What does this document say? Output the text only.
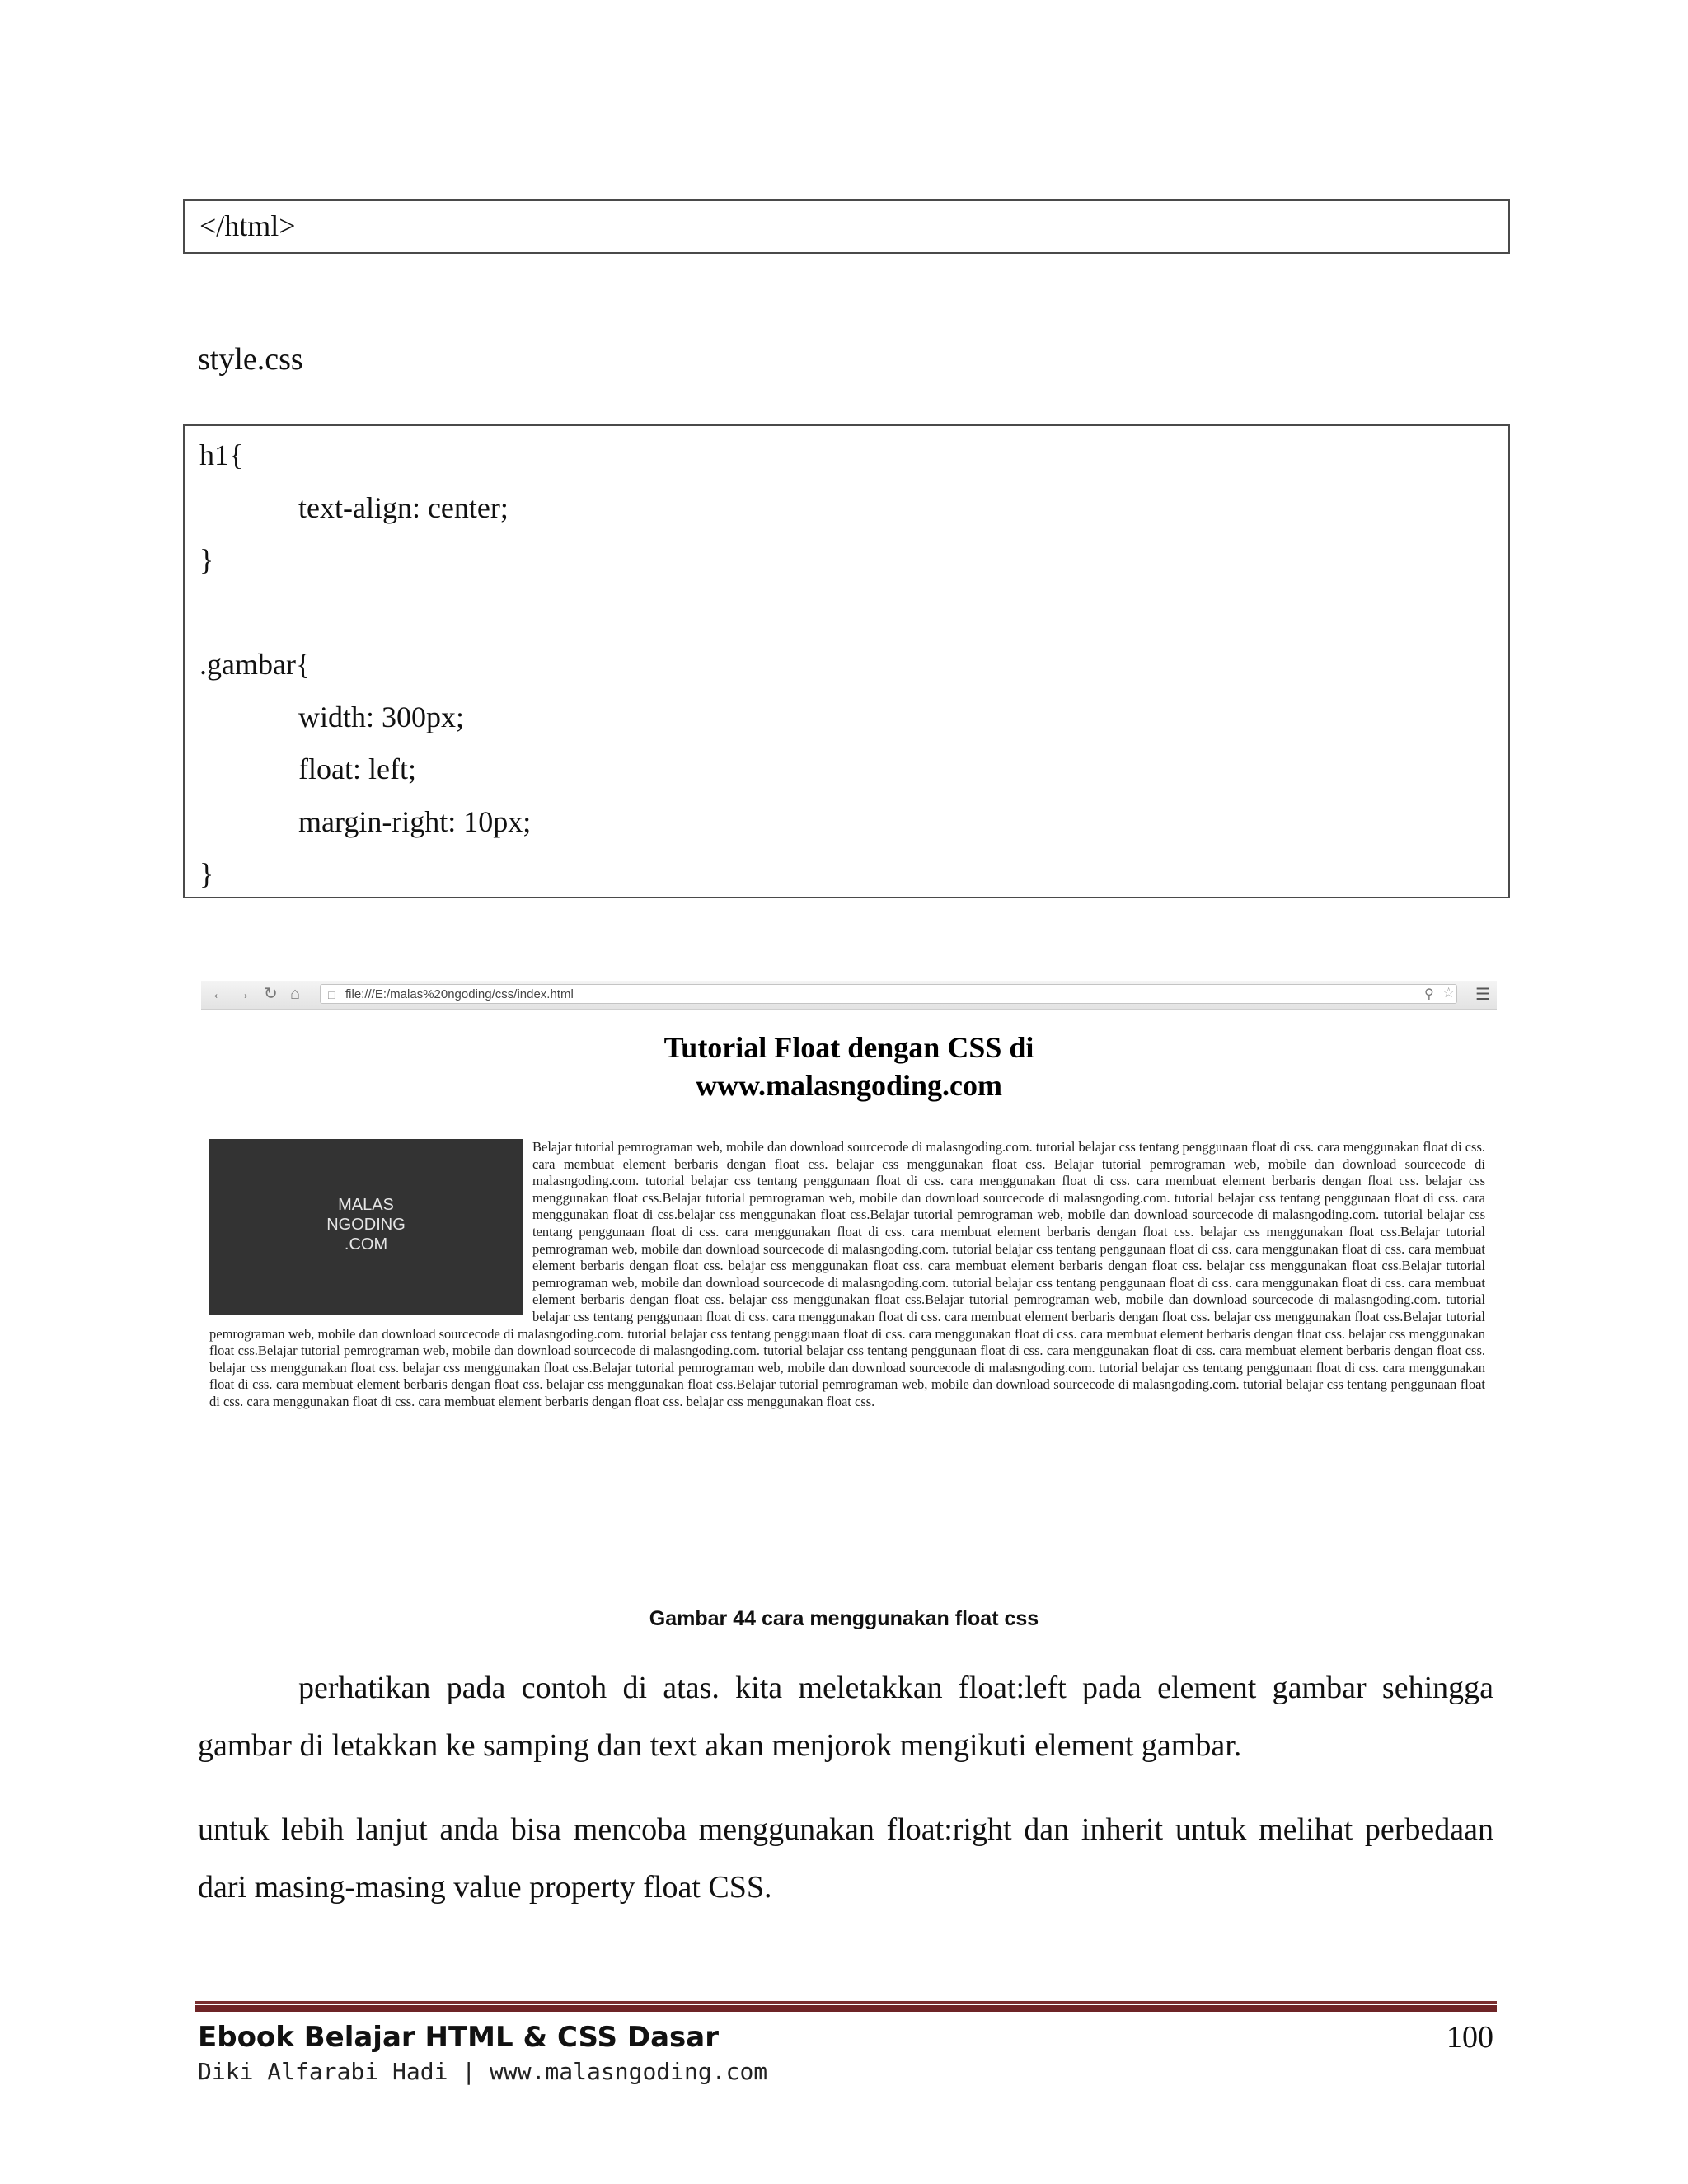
</html>
style.css
h1{
text-align: center;
}
.gambar{
width: 300px;
float: left;
margin-right: 10px;
}
← → ↻ ⌂	file:///E:/malas%20ngoding/css/index.html
□	⚲ ☆ ☰
Tutorial Float dengan CSS di
www.malasngoding.com
MALAS
NGODING
.COM
Belajar tutorial pemrograman web, mobile dan download sourcecode di malasngoding.com. tutorial belajar css tentang penggunaan float di css. cara menggunakan float di css. cara membuat element berbaris dengan float css. belajar css menggunakan float css. Belajar tutorial pemrograman web, mobile dan download sourcecode di malasngoding.com. tutorial belajar css tentang penggunaan float di css. cara menggunakan float di css. cara membuat element berbaris dengan float css. belajar css menggunakan float css.Belajar tutorial pemrograman web, mobile dan download sourcecode di malasngoding.com. tutorial belajar css tentang penggunaan float di css. cara menggunakan float di css.belajar css menggunakan float css.Belajar tutorial pemrograman web, mobile dan download sourcecode di malasngoding.com. tutorial belajar css tentang penggunaan float di css. cara menggunakan float di css. cara membuat element berbaris dengan float css. belajar css menggunakan float css.Belajar tutorial pemrograman web, mobile dan download sourcecode di malasngoding.com. tutorial belajar css tentang penggunaan float di css. cara menggunakan float di css. cara membuat element berbaris dengan float css. belajar css menggunakan float css. cara membuat element berbaris dengan float css. belajar css menggunakan float css.Belajar tutorial pemrograman web, mobile dan download sourcecode di malasngoding.com. tutorial belajar css tentang penggunaan float di css. cara menggunakan float di css. cara membuat element berbaris dengan float css. belajar css menggunakan float css.Belajar tutorial pemrograman web, mobile dan download sourcecode di malasngoding.com. tutorial belajar css tentang penggunaan float di css. cara menggunakan float di css. cara membuat element berbaris dengan float css. belajar css menggunakan float css.Belajar tutorial pemrograman web, mobile dan download sourcecode di malasngoding.com. tutorial belajar css tentang penggunaan float di css. cara menggunakan float di css. cara membuat element berbaris dengan float css. belajar css menggunakan float css.Belajar tutorial pemrograman web, mobile dan download sourcecode di malasngoding.com. tutorial belajar css tentang penggunaan float di css. cara menggunakan float di css. cara membuat element berbaris dengan float css. belajar css menggunakan float css. belajar css menggunakan float css.Belajar tutorial pemrograman web, mobile dan download sourcecode di malasngoding.com. tutorial belajar css tentang penggunaan float di css. cara menggunakan float di css. cara membuat element berbaris dengan float css. belajar css menggunakan float css.Belajar tutorial pemrograman web, mobile dan download sourcecode di malasngoding.com. tutorial belajar css tentang penggunaan float di css. cara menggunakan float di css. cara membuat element berbaris dengan float css. belajar css menggunakan float css.
Gambar 44 cara menggunakan float css
perhatikan pada contoh di atas. kita meletakkan float:left pada element gambar sehingga gambar di letakkan ke samping dan text akan menjorok mengikuti element gambar.
untuk lebih lanjut anda bisa mencoba menggunakan float:right dan inherit untuk melihat perbedaan dari masing-masing value property float CSS.
Ebook Belajar HTML & CSS Dasar	100
Diki Alfarabi Hadi | www.malasngoding.com
